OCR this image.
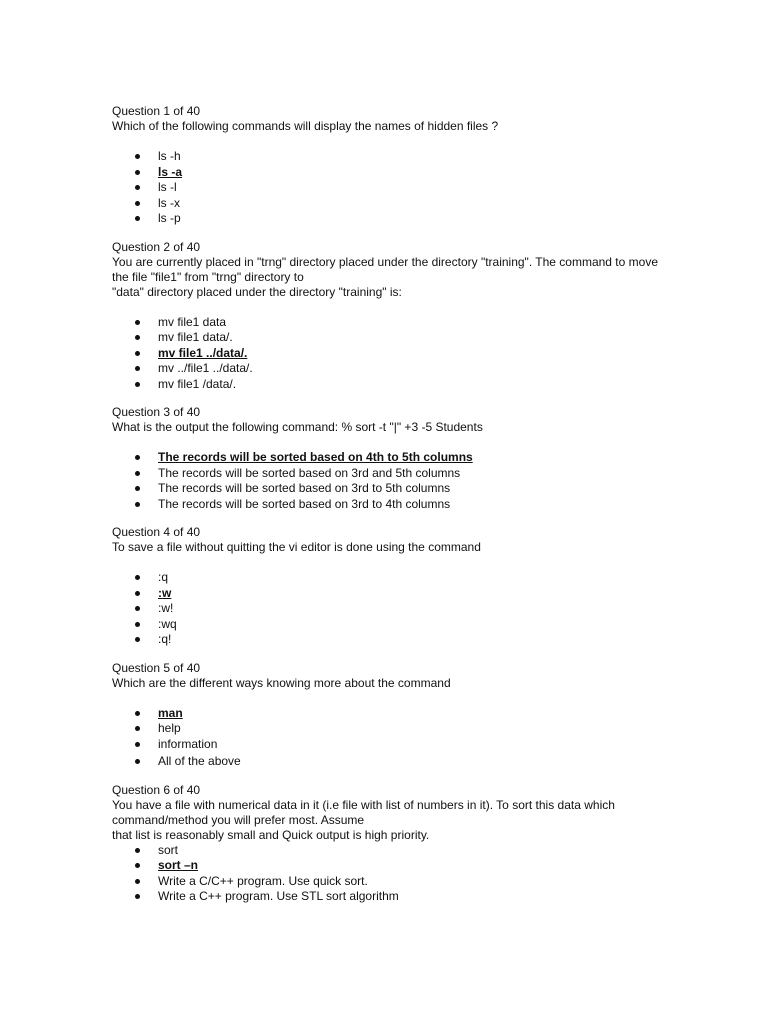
Question 1 of 40

Which of the following commands will display the names of hidden files ?

ls -h
ls -a
ls -l
ls -x
ls -p

Question 2 of 40

You are currently placed in "trng" directory placed under the directory "training". The command to move
the file "file1" from "trng" directory to
"data" directory placed under the directory "training" is:

mv file1 data
mv file1 data/.
mv file1 ../data/.
mv ../file1 ../data/.
mv file1 /data/.

Question 3 of 40

What is the output the following command: % sort -t "|" +3 -5 Students

The records will be sorted based on 4th to 5th columns
The records will be sorted based on 3rd and 5th columns
The records will be sorted based on 3rd to 5th columns
The records will be sorted based on 3rd to 4th columns

Question 4 of 40

To save a file without quitting the vi editor is done using the command

:q
:w
:w!
:wq
:q!

Question 5 of 40

Which are the different ways knowing more about the command

man
help
information
All of the above

Question 6 of 40

You have a file with numerical data in it (i.e file with list of numbers in it). To sort this data which
command/method you will prefer most. Assume
that list is reasonably small and Quick output is high priority.

sort
sort –n
Write a C/C++ program. Use quick sort.
Write a C++ program. Use STL sort algorithm
